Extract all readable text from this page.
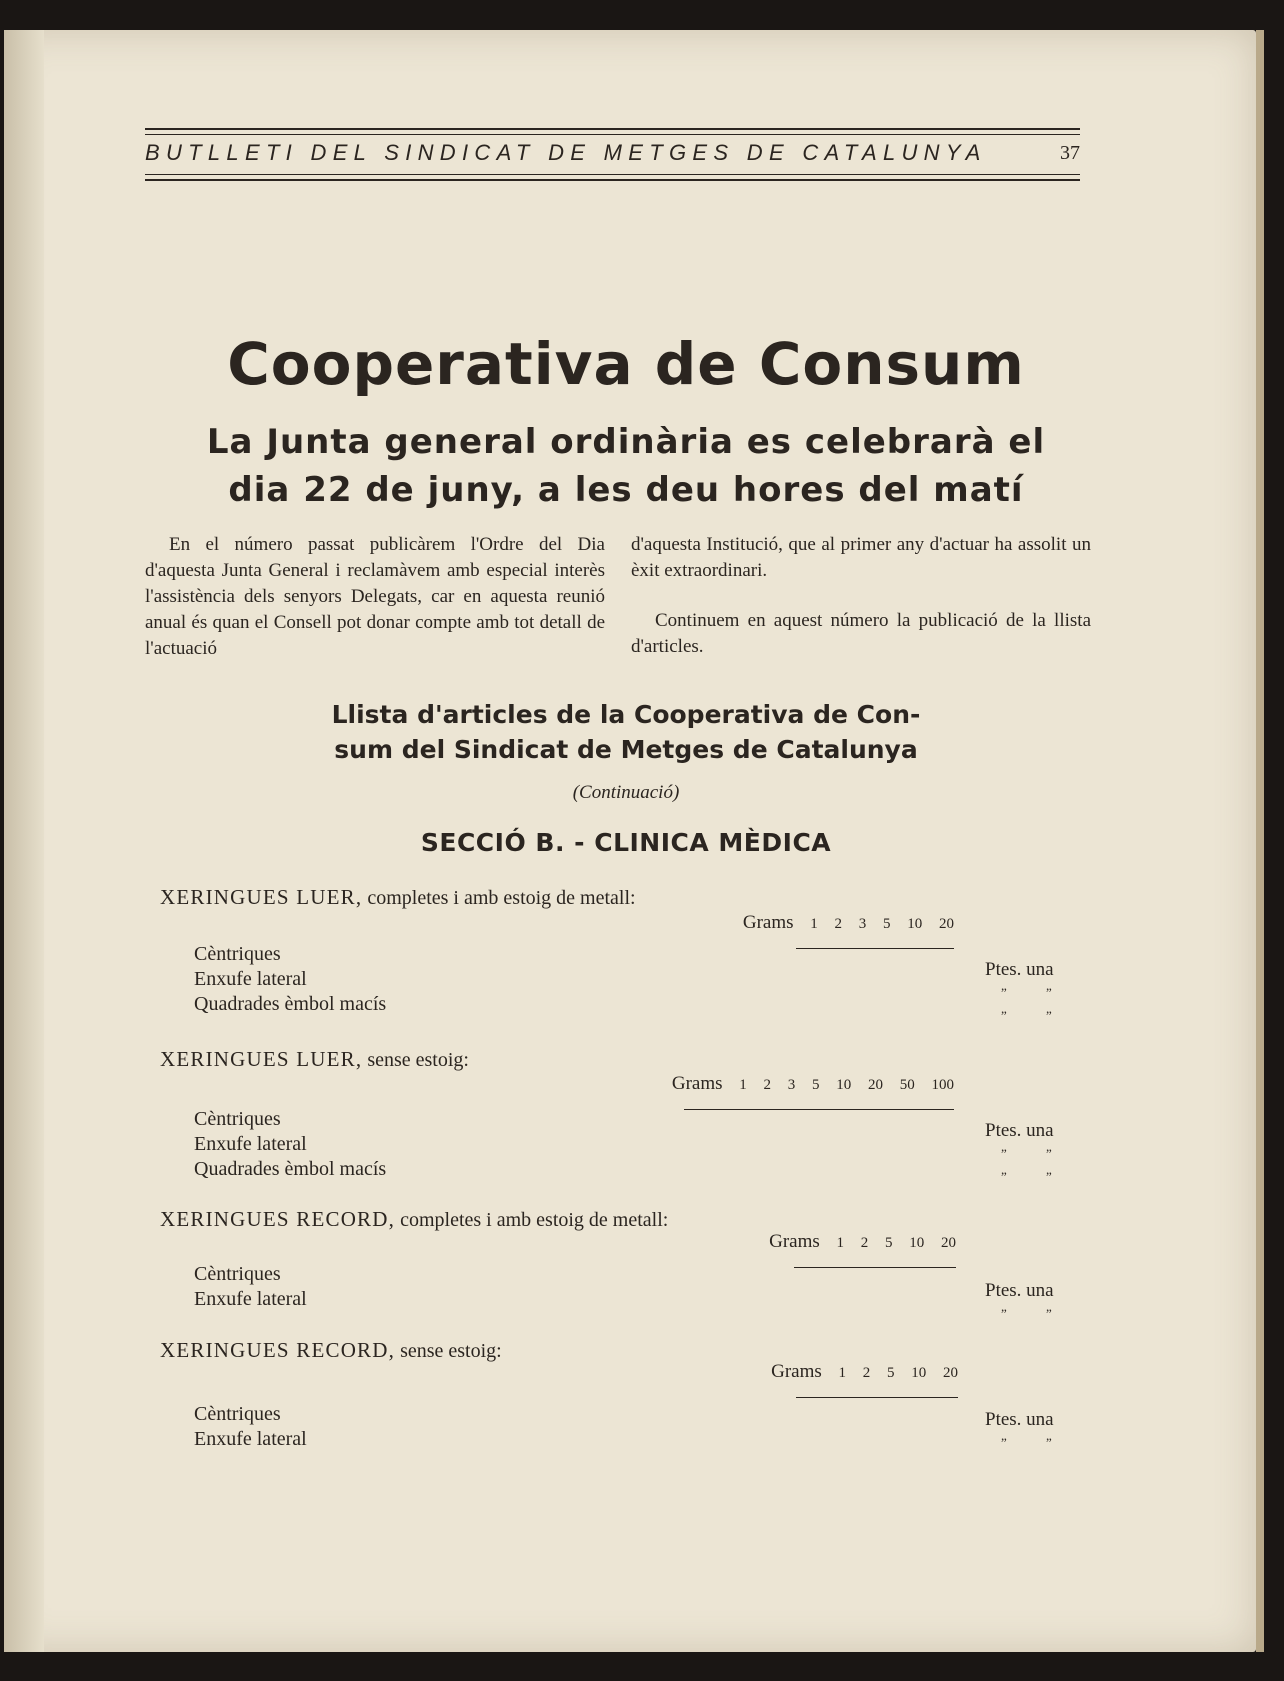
BUTLLETI DEL SINDICAT DE METGES DE CATALUNYA	37
Cooperativa de Consum
La Junta general ordinària es celebrarà el
dia 22 de juny, a les deu hores del matí

En el número passat publicàrem l'Ordre del Dia d'aquesta Junta General i reclamàvem amb especial interès l'assistència dels senyors Delegats, car en aquesta reunió anual és quan el Consell pot donar compte amb tot detall de l'actuació

d'aquesta Institució, que al primer any d'actuar ha assolit un èxit extraordinari.

Continuem en aquest número la publicació de la llista d'articles.

Llista d'articles de la Cooperativa de Con-
sum del Sindicat de Metges de Catalunya
(Continuació)
SECCIÓ B. - CLINICA MÈDICA
XERINGUES LUER, completes i amb estoig de metall:
Grams 1 2 3 5 10 20
Cèntriques
Enxufe lateral
Quadrades èmbol macís
Ptes. una
” ”
” ”
XERINGUES LUER, sense estoig:
Grams 1 2 3 5 10 20 50 100
Cèntriques
Enxufe lateral
Quadrades èmbol macís
Ptes. una
” ”
” ”
XERINGUES RECORD, completes i amb estoig de metall:
Grams 1 2 5 10 20
Cèntriques
Enxufe lateral	Ptes. una
” ”
XERINGUES RECORD, sense estoig:
Grams 1 2 5 10 20
Cèntriques
Enxufe lateral
Ptes. una
” ”
